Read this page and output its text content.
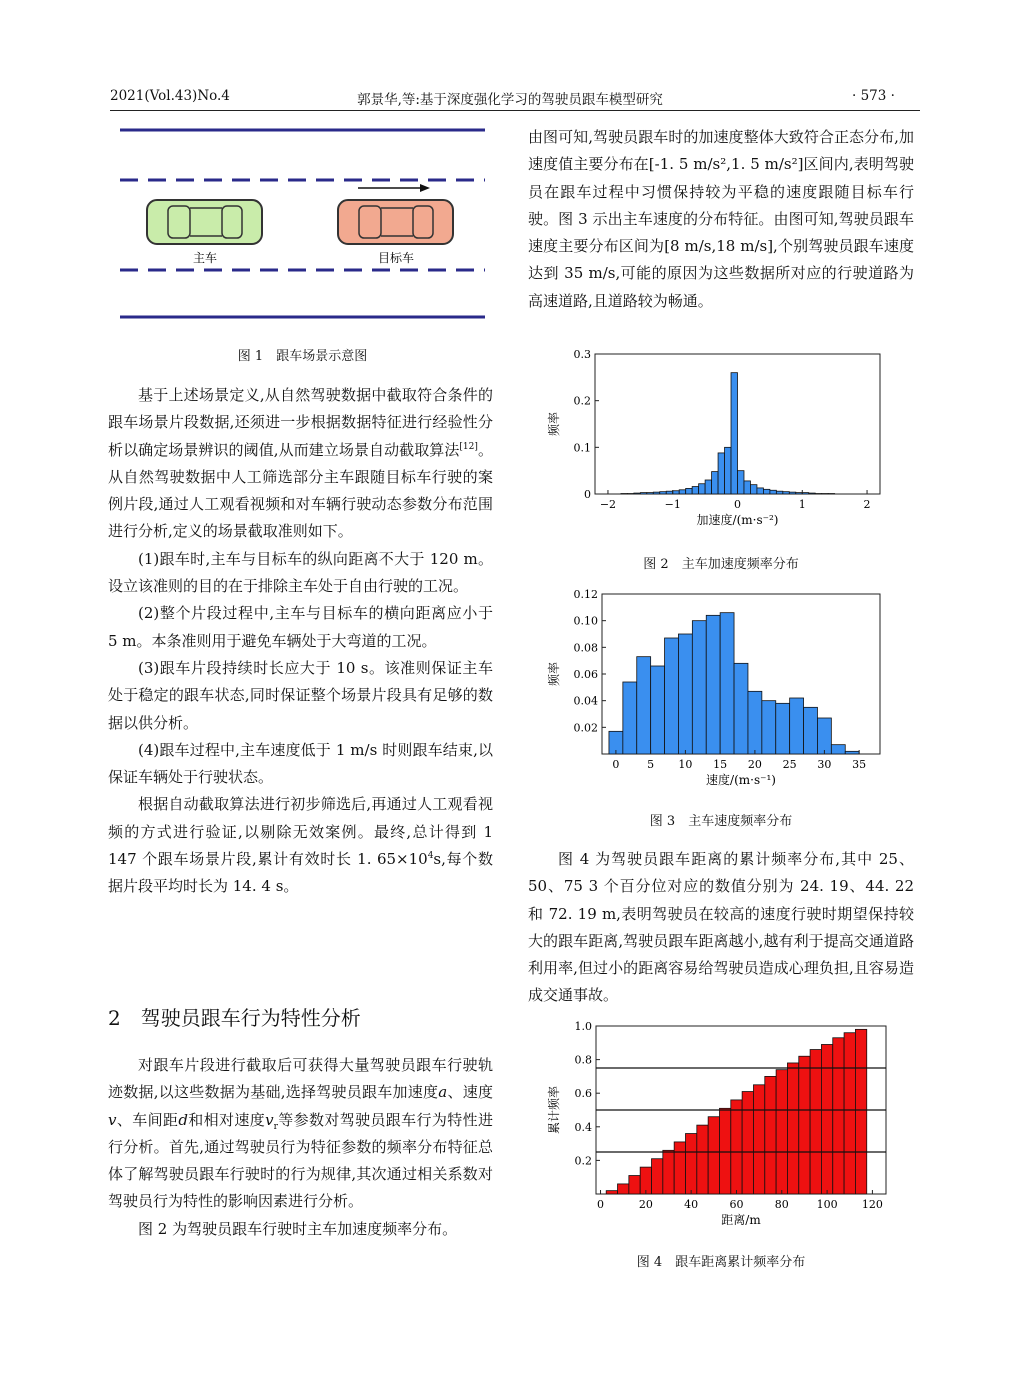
2021(Vol.43)No.4	郭景华,等:基于深度强化学习的驾驶员跟车模型研究	· 573 ·
主车	目标车
图 1　跟车场景示意图

基于上述场景定义,从自然驾驶数据中截取符合条件的跟车场景片段数据,还须进一步根据数据特征进行经验性分析以确定场景辨识的阈值,从而建立场景自动截取算法[12]。从自然驾驶数据中人工筛选部分主车跟随目标车行驶的案例片段,通过人工观看视频和对车辆行驶动态参数分布范围进行分析,定义的场景截取准则如下。

(1)跟车时,主车与目标车的纵向距离不大于 120 m。设立该准则的目的在于排除主车处于自由行驶的工况。

(2)整个片段过程中,主车与目标车的横向距离应小于 5 m。本条准则用于避免车辆处于大弯道的工况。

(3)跟车片段持续时长应大于 10 s。该准则保证主车处于稳定的跟车状态,同时保证整个场景片段具有足够的数据以供分析。

(4)跟车过程中,主车速度低于 1 m/s 时则跟车结束,以保证车辆处于行驶状态。

根据自动截取算法进行初步筛选后,再通过人工观看视频的方式进行验证,以剔除无效案例。最终,总计得到 1 147 个跟车场景片段,累计有效时长 1. $65\times 10^4s$,每个数据片段平均时长为 14. 4 s。

2　驾驶员跟车行为特性分析

对跟车片段进行截取后可获得大量驾驶员跟车行驶轨迹数据,以这些数据为基础,选择驾驶员跟车加速度a、速度v、车间距d和相对速度$v_r$等参数对驾驶员跟车行为特性进行分析。首先,通过驾驶员行为特征参数的频率分布特征总体了解驾驶员跟车行驶时的行为规律,其次通过相关系数对驾驶员行为特性的影响因素进行分析。

图 2 为驾驶员跟车行驶时主车加速度频率分布。

由图可知,驾驶员跟车时的加速度整体大致符合正态分布,加速度值主要分布在[-1. 5 m/s²,1. 5 m/s²]区间内,表明驾驶员在跟车过程中习惯保持较为平稳的速度跟随目标车行驶。图 3 示出主车速度的分布特征。由图可知,驾驶员跟车速度主要分布区间为[8 m/s,18 m/s],个别驾驶员跟车速度达到 35 m/s,可能的原因为这些数据所对应的行驶道路为高速道路,且道路较为畅通。
−2	−1	0	1	2
0
0.1
0.2
0.3
加速度/(m·s⁻²)
频率
图 2　主车加速度频率分布
0	5 10 15 20 25 30 35
0.02
0.04
0.06
0.08
0.10
0.12
速度/(m·s⁻¹)
频率
图 3　主车速度频率分布

图 4 为驾驶员跟车距离的累计频率分布,其中 25、50、75 3 个百分位对应的数值分别为 24. 19、44. 22 和 72. 19 m,表明驾驶员在较高的速度行驶时期望保持较大的跟车距离,驾驶员跟车距离越小,越有利于提高交通道路利用率,但过小的距离容易给驾驶员造成心理负担,且容易造成交通事故。

0	20	40	60	80	100 120
0.2
0.4
0.6
0.8
1.0
距离/m
累计频率
图 4　跟车距离累计频率分布
